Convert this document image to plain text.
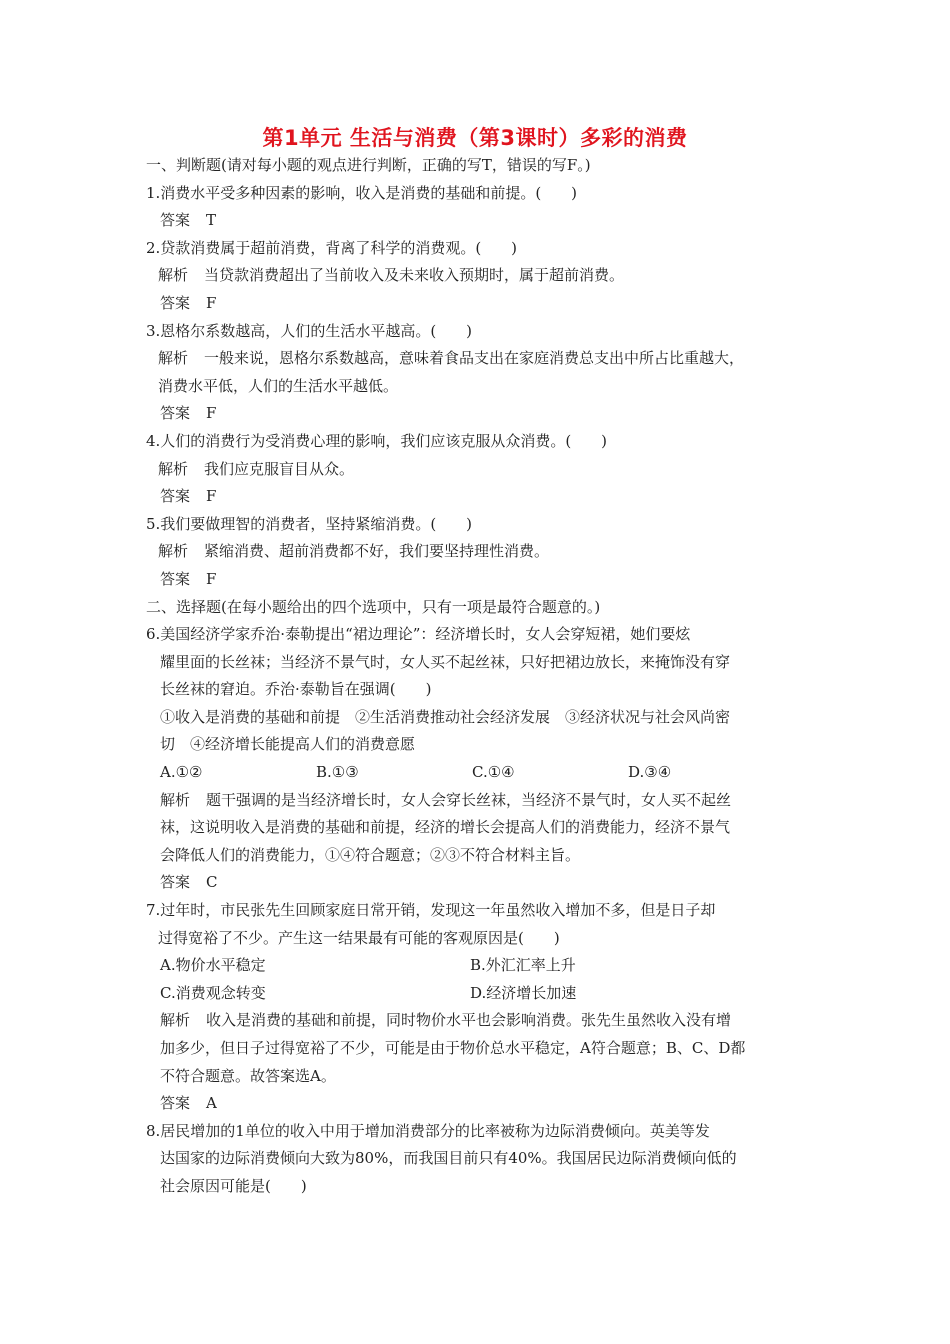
第1单元 生活与消费（第3课时）多彩的消费
一、判断题(请对每小题的观点进行判断，正确的写T，错误的写F。)
1.消费水平受多种因素的影响，收入是消费的基础和前提。(　　)
答案 T
2.贷款消费属于超前消费，背离了科学的消费观。(　　)
解析 当贷款消费超出了当前收入及未来收入预期时，属于超前消费。
答案 F
3.恩格尔系数越高，人们的生活水平越高。(　　)
解析 一般来说，恩格尔系数越高，意味着食品支出在家庭消费总支出中所占比重越大，
消费水平低，人们的生活水平越低。
答案 F
4.人们的消费行为受消费心理的影响，我们应该克服从众消费。(　　)
解析 我们应克服盲目从众。
答案 F
5.我们要做理智的消费者，坚持紧缩消费。(　　)
解析 紧缩消费、超前消费都不好，我们要坚持理性消费。
答案 F
二、选择题(在每小题给出的四个选项中，只有一项是最符合题意的。)
6.美国经济学家乔治·泰勒提出“裙边理论”：经济增长时，女人会穿短裙，她们要炫
耀里面的长丝袜；当经济不景气时，女人买不起丝袜，只好把裙边放长，来掩饰没有穿
长丝袜的窘迫。乔治·泰勒旨在强调(　　)
①收入是消费的基础和前提　②生活消费推动社会经济发展　③经济状况与社会风尚密
切　④经济增长能提高人们的消费意愿
A.①②	B.①③	C.①④	D.③④
解析 题干强调的是当经济增长时，女人会穿长丝袜，当经济不景气时，女人买不起丝
袜，这说明收入是消费的基础和前提，经济的增长会提高人们的消费能力，经济不景气
会降低人们的消费能力，①④符合题意；②③不符合材料主旨。
答案 C
7.过年时，市民张先生回顾家庭日常开销，发现这一年虽然收入增加不多，但是日子却
过得宽裕了不少。产生这一结果最有可能的客观原因是(　　)
A.物价水平稳定	B.外汇汇率上升
C.消费观念转变	D.经济增长加速
解析 收入是消费的基础和前提，同时物价水平也会影响消费。张先生虽然收入没有增
加多少，但日子过得宽裕了不少，可能是由于物价总水平稳定，A符合题意；B、C、D都
不符合题意。故答案选A。
答案 A
8.居民增加的1单位的收入中用于增加消费部分的比率被称为边际消费倾向。英美等发
达国家的边际消费倾向大致为80%，而我国目前只有40%。我国居民边际消费倾向低的
社会原因可能是(　　)
